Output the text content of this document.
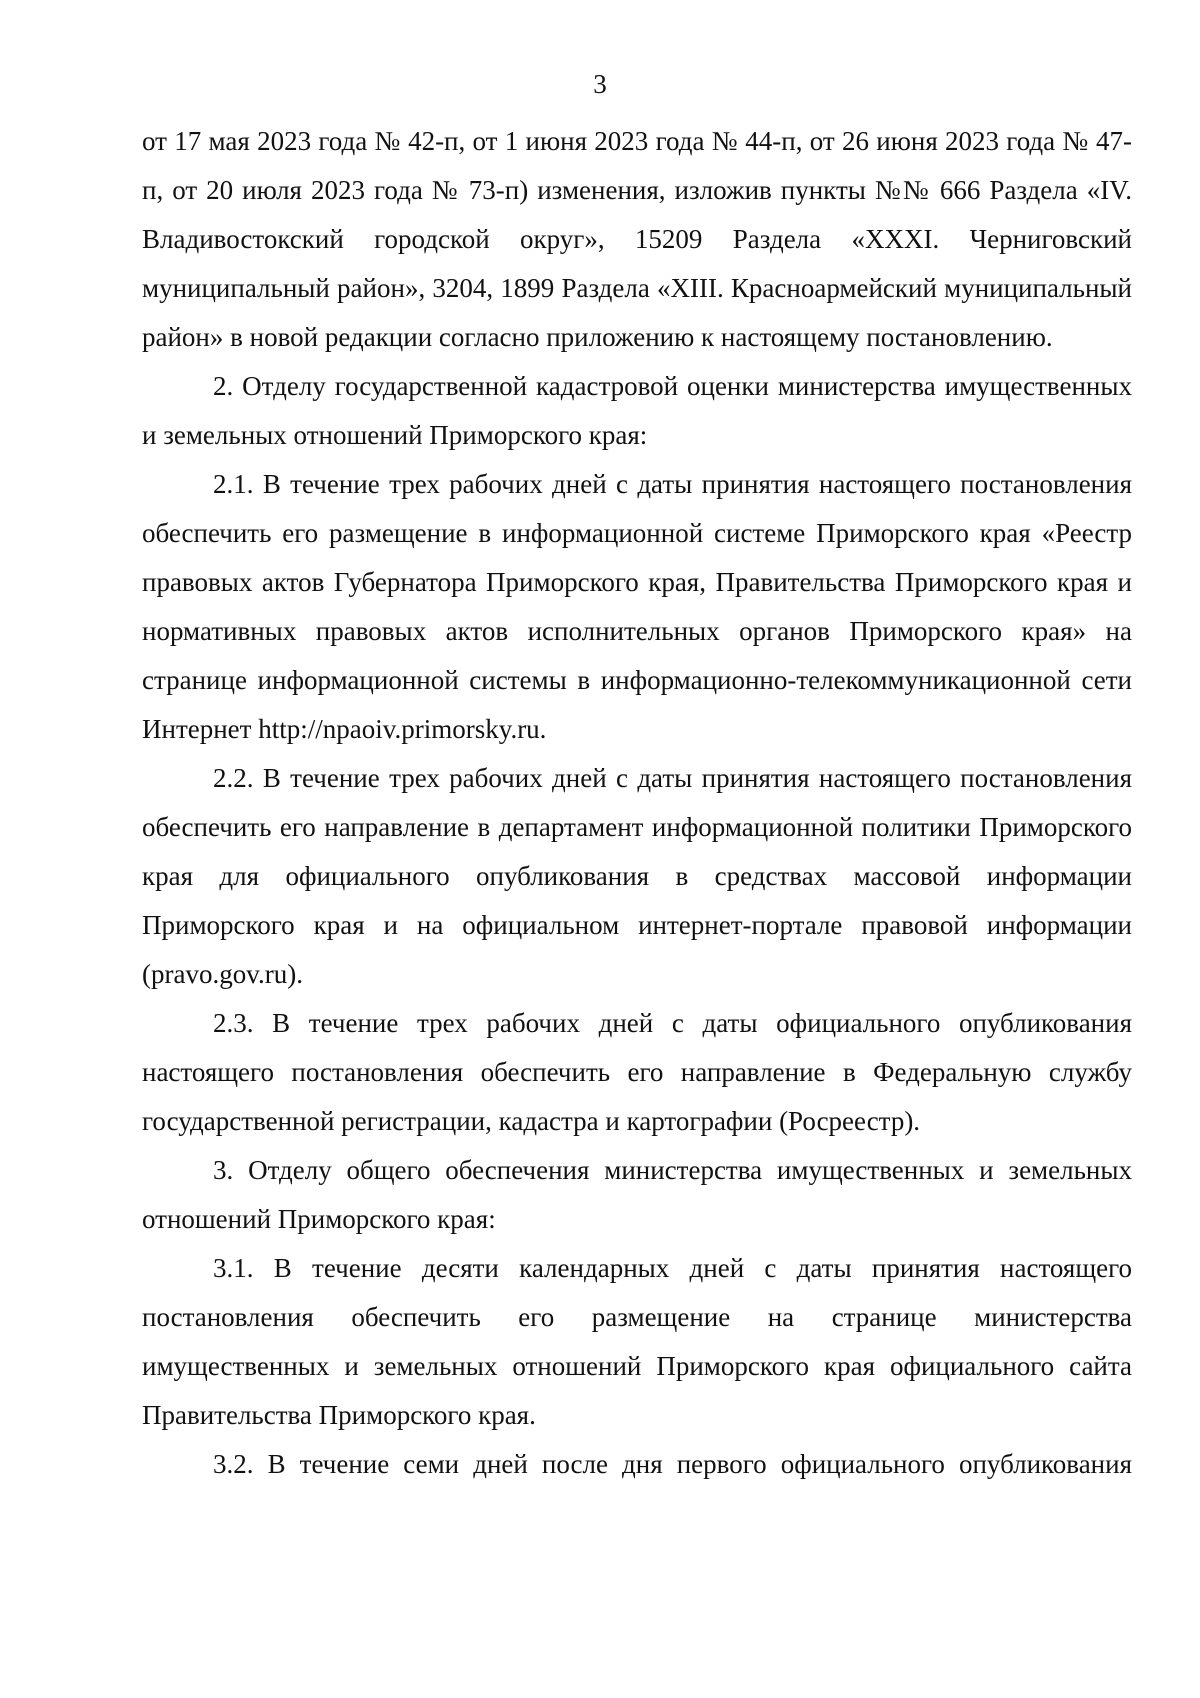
3

от 17 мая 2023 года № 42-п, от 1 июня 2023 года № 44-п, от 26 июня 2023 года № 47-п, от 20 июля 2023 года № 73-п) изменения, изложив пункты №№ 666 Раздела «IV. Владивостокский городской округ», 15209 Раздела «XXXI. Черниговский муниципальный район», 3204, 1899 Раздела «XIII. Красноармейский муниципальный район» в новой редакции согласно приложению к настоящему постановлению.

2. Отделу государственной кадастровой оценки министерства имущественных и земельных отношений Приморского края:

2.1. В течение трех рабочих дней с даты принятия настоящего постановления обеспечить его размещение в информационной системе Приморского края «Реестр правовых актов Губернатора Приморского края, Правительства Приморского края и нормативных правовых актов исполнительных органов Приморского края» на странице информационной системы в информационно-телекоммуникационной сети Интернет http://npaoiv.primorsky.ru.

2.2. В течение трех рабочих дней с даты принятия настоящего постановления обеспечить его направление в департамент информационной политики Приморского края для официального опубликования в средствах массовой информации Приморского края и на официальном интернет-портале правовой информации (pravo.gov.ru).

2.3. В течение трех рабочих дней с даты официального опубликования настоящего постановления обеспечить его направление в Федеральную службу государственной регистрации, кадастра и картографии (Росреестр).

3. Отделу общего обеспечения министерства имущественных и земельных отношений Приморского края:

3.1. В течение десяти календарных дней с даты принятия настоящего постановления обеспечить его размещение на странице министерства имущественных и земельных отношений Приморского края официального сайта Правительства Приморского края.

3.2. В течение семи дней после дня первого официального опубликования
